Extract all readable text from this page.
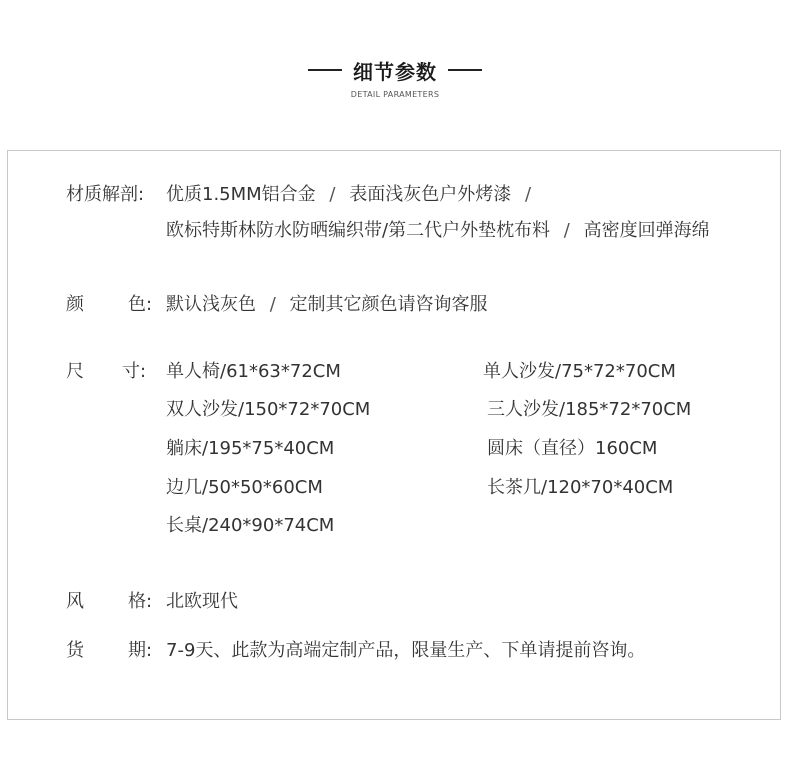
细节参数
DETAIL PARAMETERS
材质解剖: 优质1.5MM铝合金 / 表面浅灰色户外烤漆 /
欧标特斯林防水防晒编织带/第二代户外垫枕布料 / 高密度回弹海绵
颜 色: 默认浅灰色 / 定制其它颜色请咨询客服
尺 寸: 单人椅/61*63*72CM
双人沙发/150*72*70CM
躺床/195*75*40CM
边几/50*50*60CM
长桌/240*90*74CM
单人沙发/75*72*70CM
三人沙发/185*72*70CM
圆床（直径）160CM
长茶几/120*70*40CM
风 格: 北欧现代
货 期: 7-9天、此款为高端定制产品，限量生产、下单请提前咨询。
